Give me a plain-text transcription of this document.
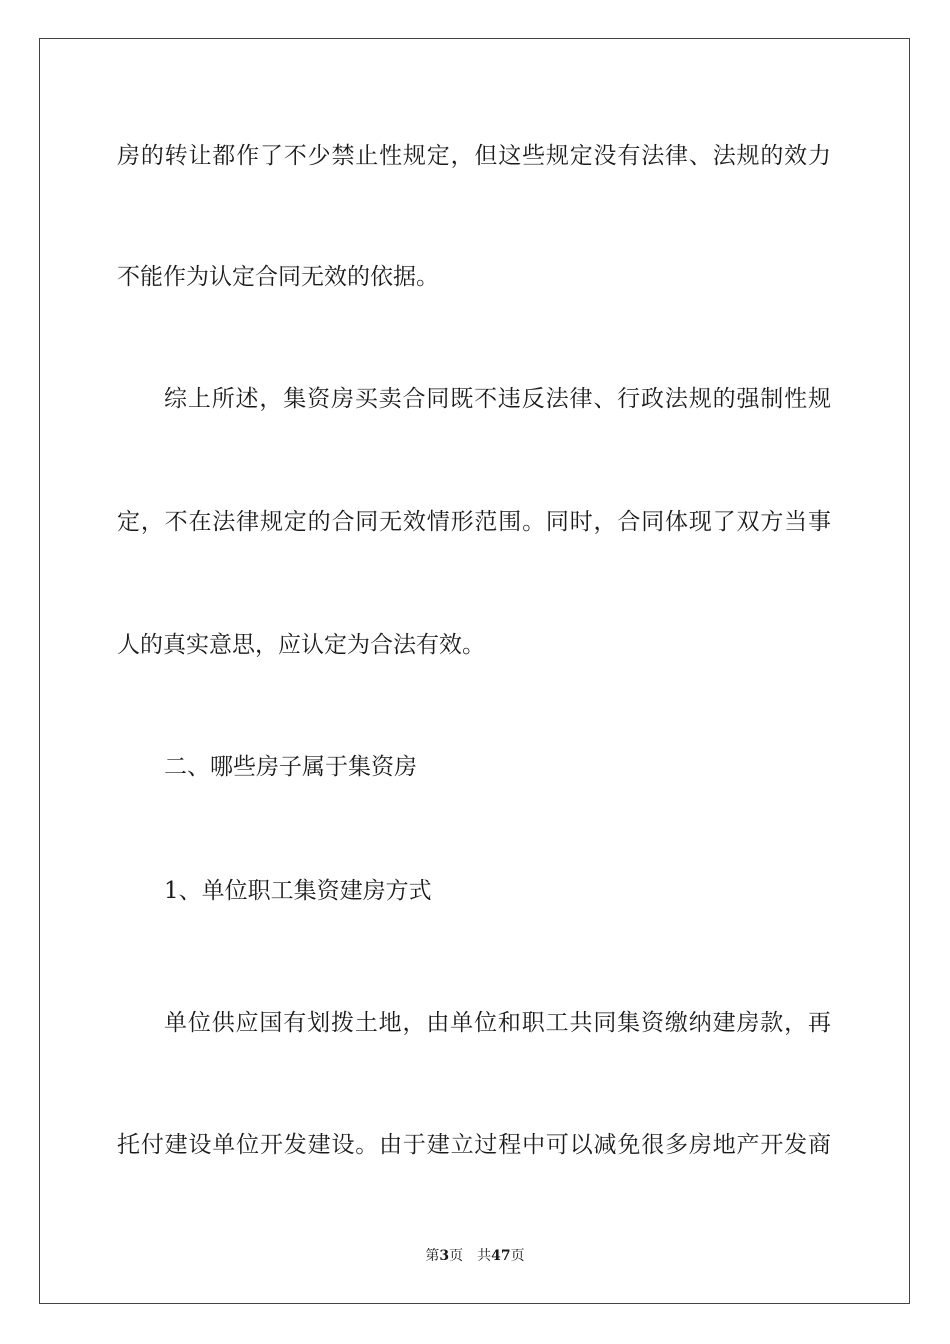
房的转让都作了不少禁止性规定，但这些规定没有法律、法规的效力
不能作为认定合同无效的依据。
综上所述，集资房买卖合同既不违反法律、行政法规的强制性规
定，不在法律规定的合同无效情形范围。同时，合同体现了双方当事
人的真实意思，应认定为合法有效。
二、哪些房子属于集资房
1、单位职工集资建房方式
单位供应国有划拨土地，由单位和职工共同集资缴纳建房款，再
托付建设单位开发建设。由于建立过程中可以减免很多房地产开发商
第3页 共47页
